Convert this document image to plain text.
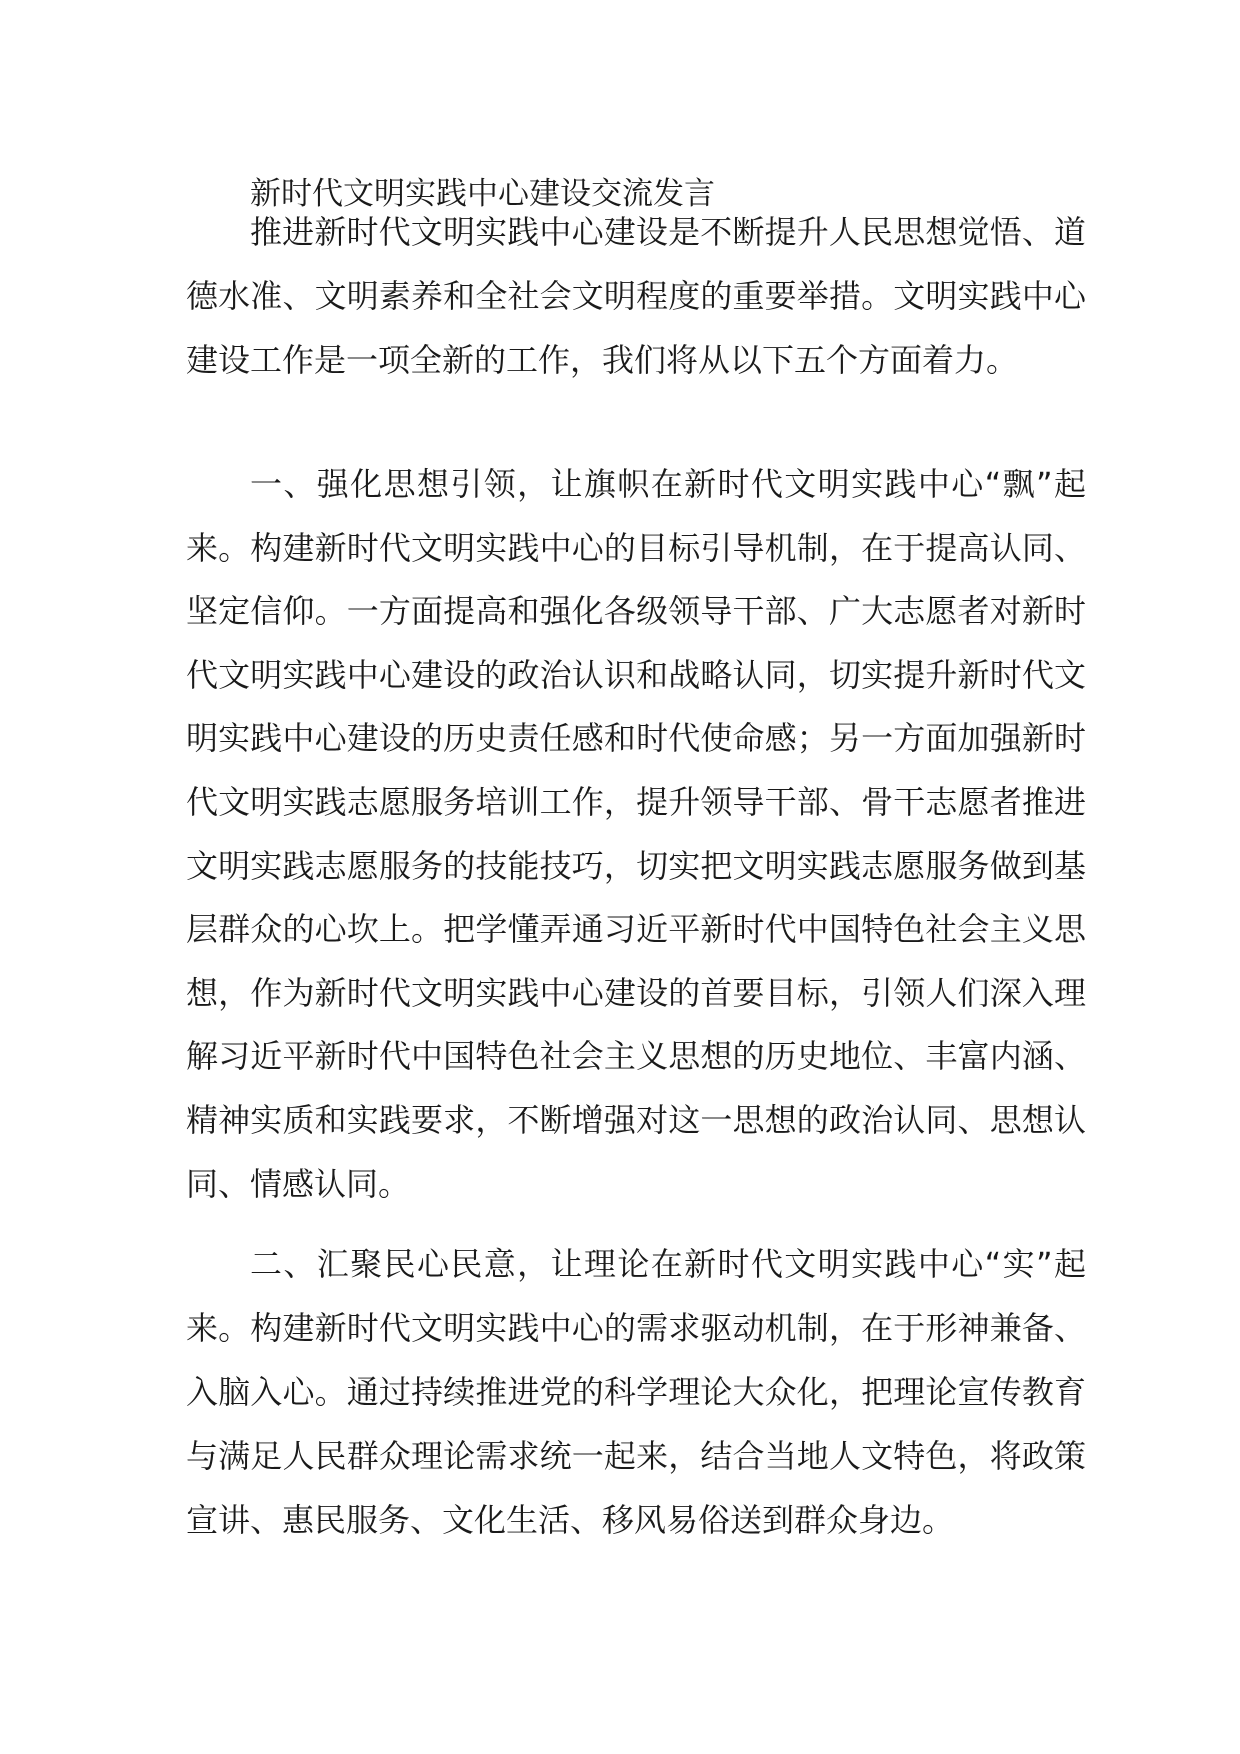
新时代文明实践中心建设交流发言

推进新时代文明实践中心建设是不断提升人民思想觉悟、道德水准、文明素养和全社会文明程度的重要举措。文明实践中心建设工作是一项全新的工作，我们将从以下五个方面着力。

一、强化思想引领，让旗帜在新时代文明实践中心“飘”起来。构建新时代文明实践中心的目标引导机制，在于提高认同、坚定信仰。一方面提高和强化各级领导干部、广大志愿者对新时代文明实践中心建设的政治认识和战略认同，切实提升新时代文明实践中心建设的历史责任感和时代使命感；另一方面加强新时代文明实践志愿服务培训工作，提升领导干部、骨干志愿者推进文明实践志愿服务的技能技巧，切实把文明实践志愿服务做到基层群众的心坎上。把学懂弄通习近平新时代中国特色社会主义思想，作为新时代文明实践中心建设的首要目标，引领人们深入理解习近平新时代中国特色社会主义思想的历史地位、丰富内涵、精神实质和实践要求，不断增强对这一思想的政治认同、思想认同、情感认同。

二、汇聚民心民意，让理论在新时代文明实践中心“实”起来。构建新时代文明实践中心的需求驱动机制，在于形神兼备、入脑入心。通过持续推进党的科学理论大众化，把理论宣传教育与满足人民群众理论需求统一起来，结合当地人文特色，将政策宣讲、惠民服务、文化生活、移风易俗送到群众身边。
